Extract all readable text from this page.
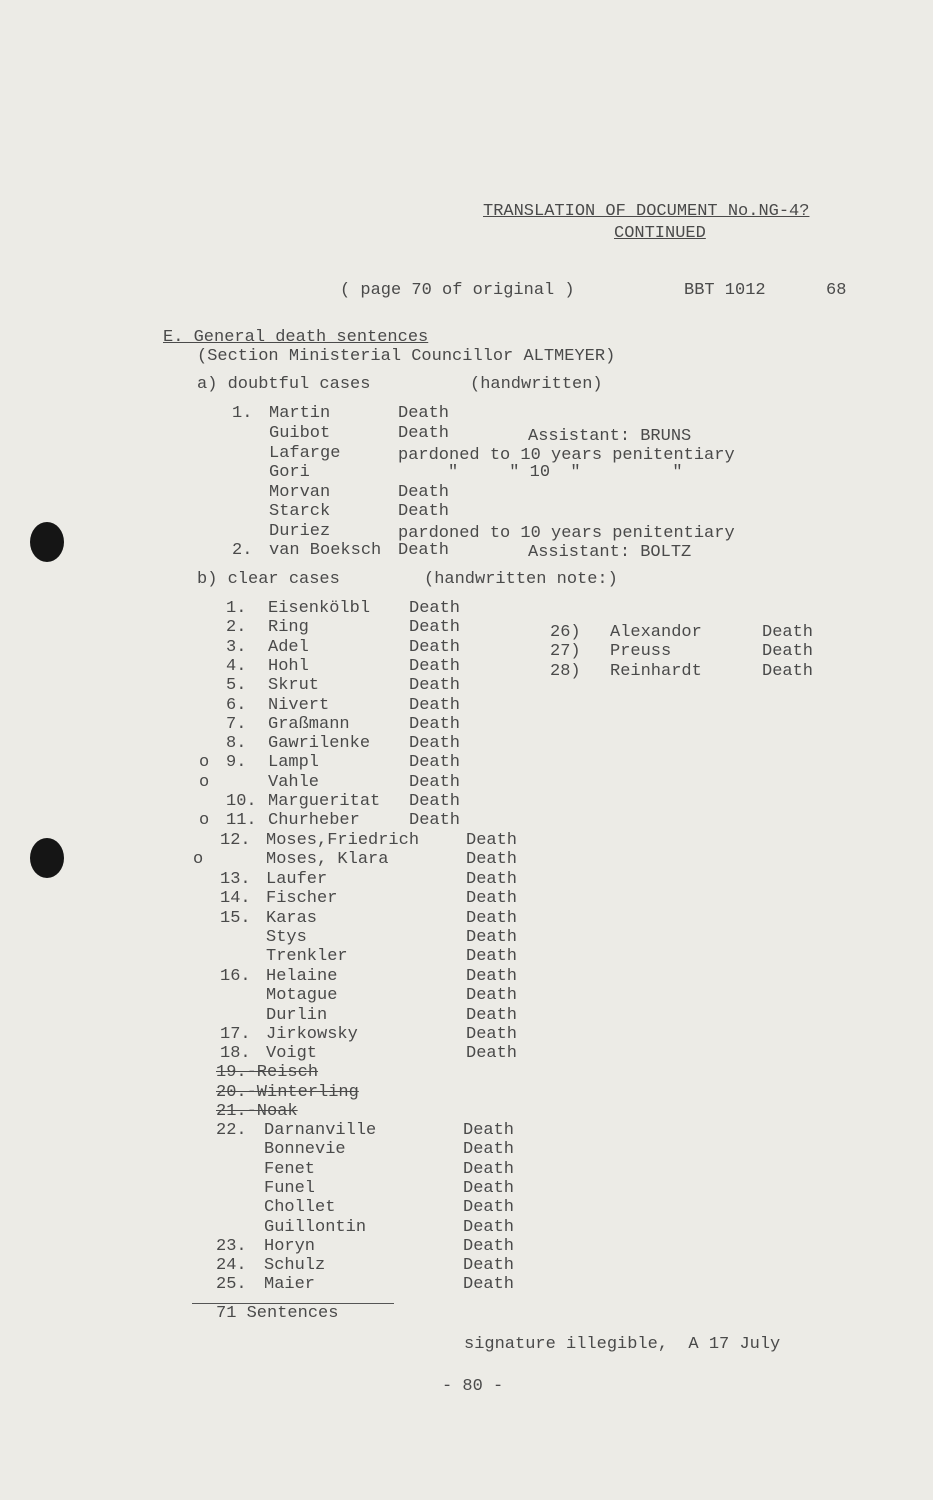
TRANSLATION OF DOCUMENT No.NG-4?
CONTINUED
( page 70 of original )	BBT 1012	68
E. General death sentences
(Section Ministerial Councillor ALTMEYER)
a) doubtful cases	(handwritten)
1. Martin	Death
Guibot	Death	Assistant: BRUNS
Lafarge	pardoned to 10 years penitentiary
Gori	"     " 10  "         "
Morvan	Death
Starck	Death
Duriez	pardoned to 10 years penitentiary
2. van Boeksch Death	Assistant: BOLTZ
b) clear cases	(handwritten note:)
1. Eisenkölbl Death
2. Ring	Death
3. Adel	Death
4. Hohl	Death
5. Skrut	Death
6. Nivert	Death
7. Graßmann	Death
8. Gawrilenke Death
o 9. Lampl	Death
o	Vahle	Death
10. Margueritat Death
o 11. Churheber	Death
12. Moses,Friedrich	Death
o	Moses, Klara	Death
13. Laufer	Death
14. Fischer	Death
15. Karas	Death
Stys	Death
Trenkler	Death
16. Helaine	Death
Motague	Death
Durlin	Death
17. Jirkowsky	Death
18. Voigt	Death
19.-Reisch
20.-Winterling
21.-Noak
22. Darnanville	Death
Bonnevie	Death
Fenet	Death
Funel	Death
Chollet	Death
Guillontin	Death
23. Horyn	Death
24. Schulz	Death
25. Maier	Death
26) Alexandor	Death
27) Preuss	Death
28) Reinhardt	Death
71 Sentences
signature illegible,  A 17 July
- 80 -
